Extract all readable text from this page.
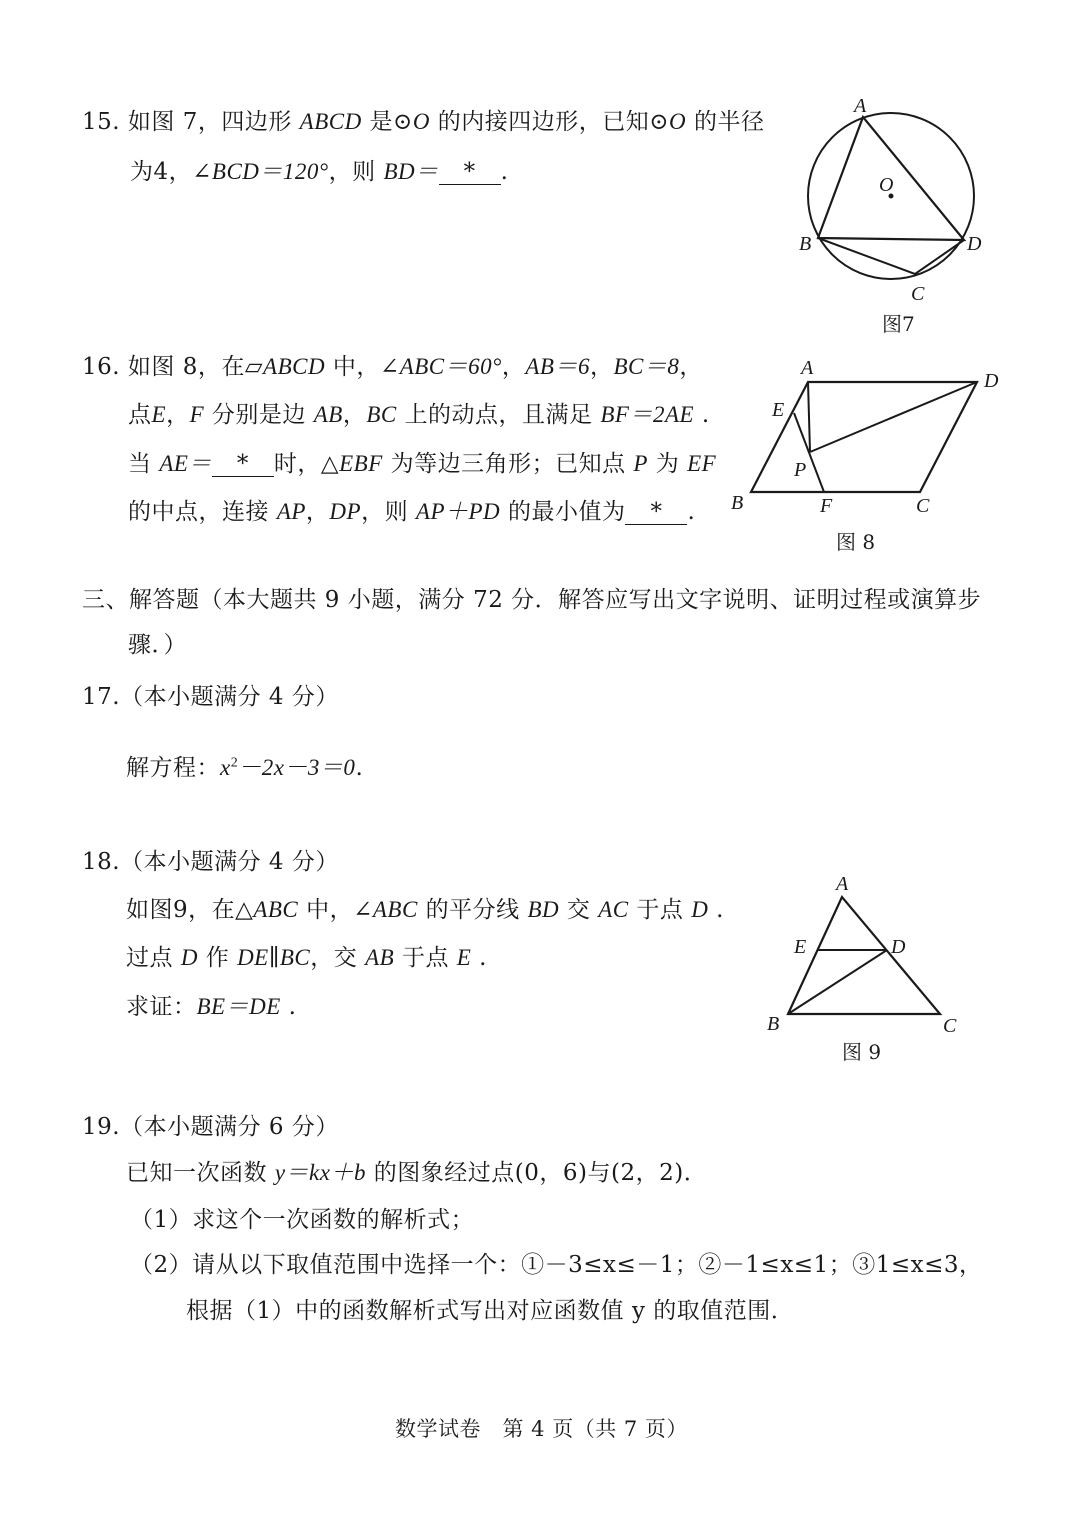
15. 如图 7，四边形 ABCD 是⊙O 的内接四边形，已知⊙O 的半径
为4，∠BCD＝120°，则 BD＝ * .
A
O
B	D
C
图7
16. 如图 8，在▱ABCD 中，∠ABC＝60°，AB＝6，BC＝8，
点E，F 分别是边 AB，BC 上的动点，且满足 BF＝2AE .
当 AE＝ * 时，△EBF 为等边三角形；已知点 P 为 EF
的中点，连接 AP，DP，则 AP＋PD 的最小值为 * .
A
D
E
P
B	F	C
图 8
三、解答题（本大题共 9 小题，满分 72 分．解答应写出文字说明、证明过程或演算步
骤．）
17.（本小题满分 4 分）
解方程：$x^2-2x-3=0$.
18.（本小题满分 4 分）
如图9，在△ABC 中，∠ABC 的平分线 BD 交 AC 于点 D .
过点 D 作 DE∥BC，交 AB 于点 E .
求证：BE＝DE .
A
E	D
B	C
图 9
19.（本小题满分 6 分）
已知一次函数 y＝kx＋b 的图象经过点(0，6)与(2，2)．
（1）求这个一次函数的解析式；
（2）请从以下取值范围中选择一个：①－3≤x≤－1；②－1≤x≤1；③1≤x≤3，
根据（1）中的函数解析式写出对应函数值 y 的取值范围．
数学试卷　第 4 页（共 7 页）
